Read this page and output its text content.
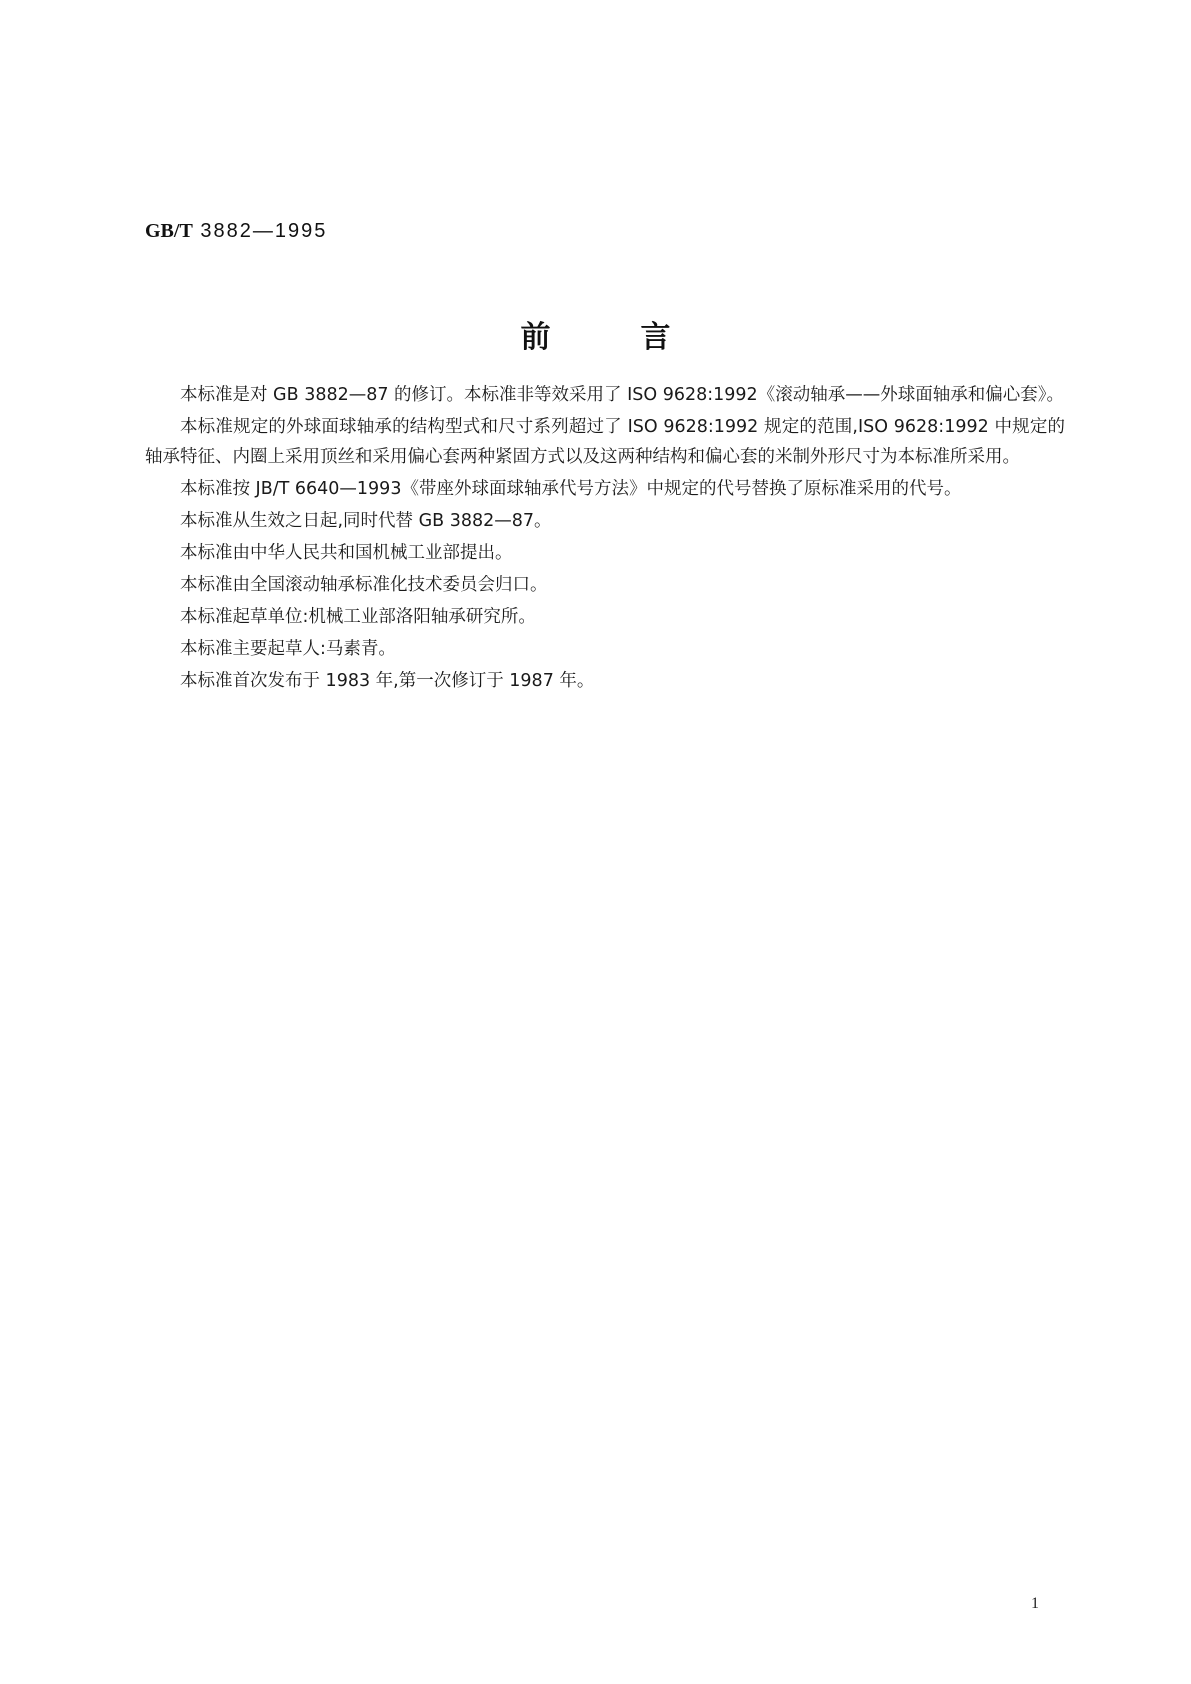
GB/T 3882—1995
前言

本标准是对 GB 3882—87 的修订。本标准非等效采用了 ISO 9628:1992《滚动轴承——外球面轴承和偏心套》。

本标准规定的外球面球轴承的结构型式和尺寸系列超过了 ISO 9628:1992 规定的范围,ISO 9628:1992 中规定的轴承特征、内圈上采用顶丝和采用偏心套两种紧固方式以及这两种结构和偏心套的米制外形尺寸为本标准所采用。

本标准按 JB/T 6640—1993《带座外球面球轴承代号方法》中规定的代号替换了原标准采用的代号。

本标准从生效之日起,同时代替 GB 3882—87。

本标准由中华人民共和国机械工业部提出。

本标准由全国滚动轴承标准化技术委员会归口。

本标准起草单位:机械工业部洛阳轴承研究所。

本标准主要起草人:马素青。

本标准首次发布于 1983 年,第一次修订于 1987 年。

1
